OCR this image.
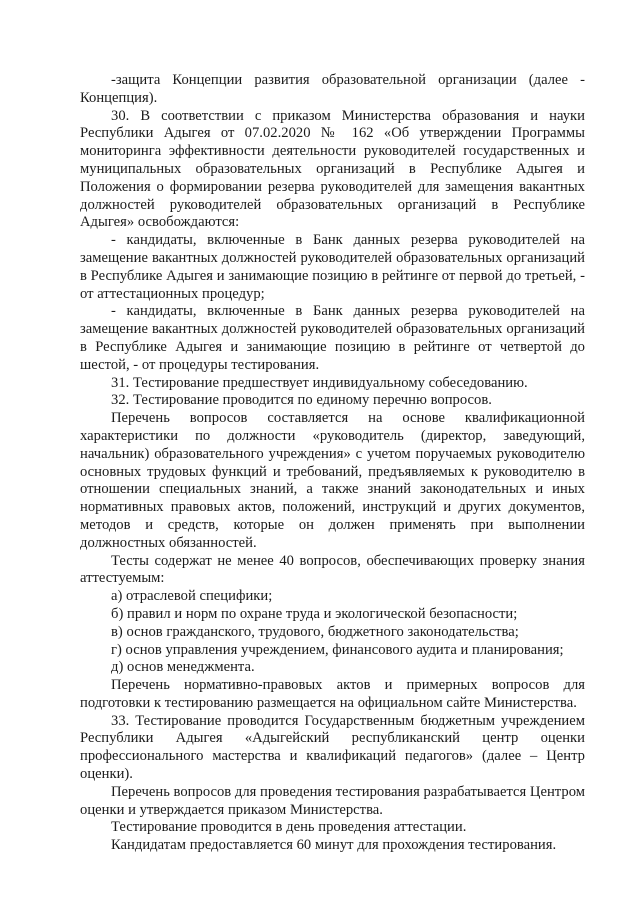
-защита Концепции развития образовательной организации (далее - Концепция).

30. В соответствии с приказом Министерства образования и науки Республики Адыгея от 07.02.2020 № 162 «Об утверждении Программы мониторинга эффективности деятельности руководителей государственных и муниципальных образовательных организаций в Республике Адыгея и Положения о формировании резерва руководителей для замещения вакантных должностей руководителей образовательных организаций в Республике Адыгея» освобождаются:

- кандидаты, включенные в Банк данных резерва руководителей на замещение вакантных должностей руководителей образовательных организаций в Республике Адыгея и занимающие позицию в рейтинге от первой до третьей, - от аттестационных процедур;

- кандидаты, включенные в Банк данных резерва руководителей на замещение вакантных должностей руководителей образовательных организаций в Республике Адыгея и занимающие позицию в рейтинге от четвертой до шестой, - от процедуры тестирования.

31. Тестирование предшествует индивидуальному собеседованию.

32. Тестирование проводится по единому перечню вопросов.

Перечень вопросов составляется на основе квалификационной характеристики по должности «руководитель (директор, заведующий, начальник) образовательного учреждения» с учетом поручаемых руководителю основных трудовых функций и требований, предъявляемых к руководителю в отношении специальных знаний, а также знаний законодательных и иных нормативных правовых актов, положений, инструкций и других документов, методов и средств, которые он должен применять при выполнении должностных обязанностей.

Тесты содержат не менее 40 вопросов, обеспечивающих проверку знания аттестуемым:

а) отраслевой специфики;

б) правил и норм по охране труда и экологической безопасности;

в) основ гражданского, трудового, бюджетного законодательства;

г) основ управления учреждением, финансового аудита и планирования;

д) основ менеджмента.

Перечень нормативно-правовых актов и примерных вопросов для подготовки к тестированию размещается на официальном сайте Министерства.

33. Тестирование проводится Государственным бюджетным учреждением Республики Адыгея «Адыгейский республиканский центр оценки профессионального мастерства и квалификаций педагогов» (далее – Центр оценки).

Перечень вопросов для проведения тестирования разрабатывается Центром оценки и утверждается приказом Министерства.

Тестирование проводится в день проведения аттестации.

Кандидатам предоставляется 60 минут для прохождения тестирования.
